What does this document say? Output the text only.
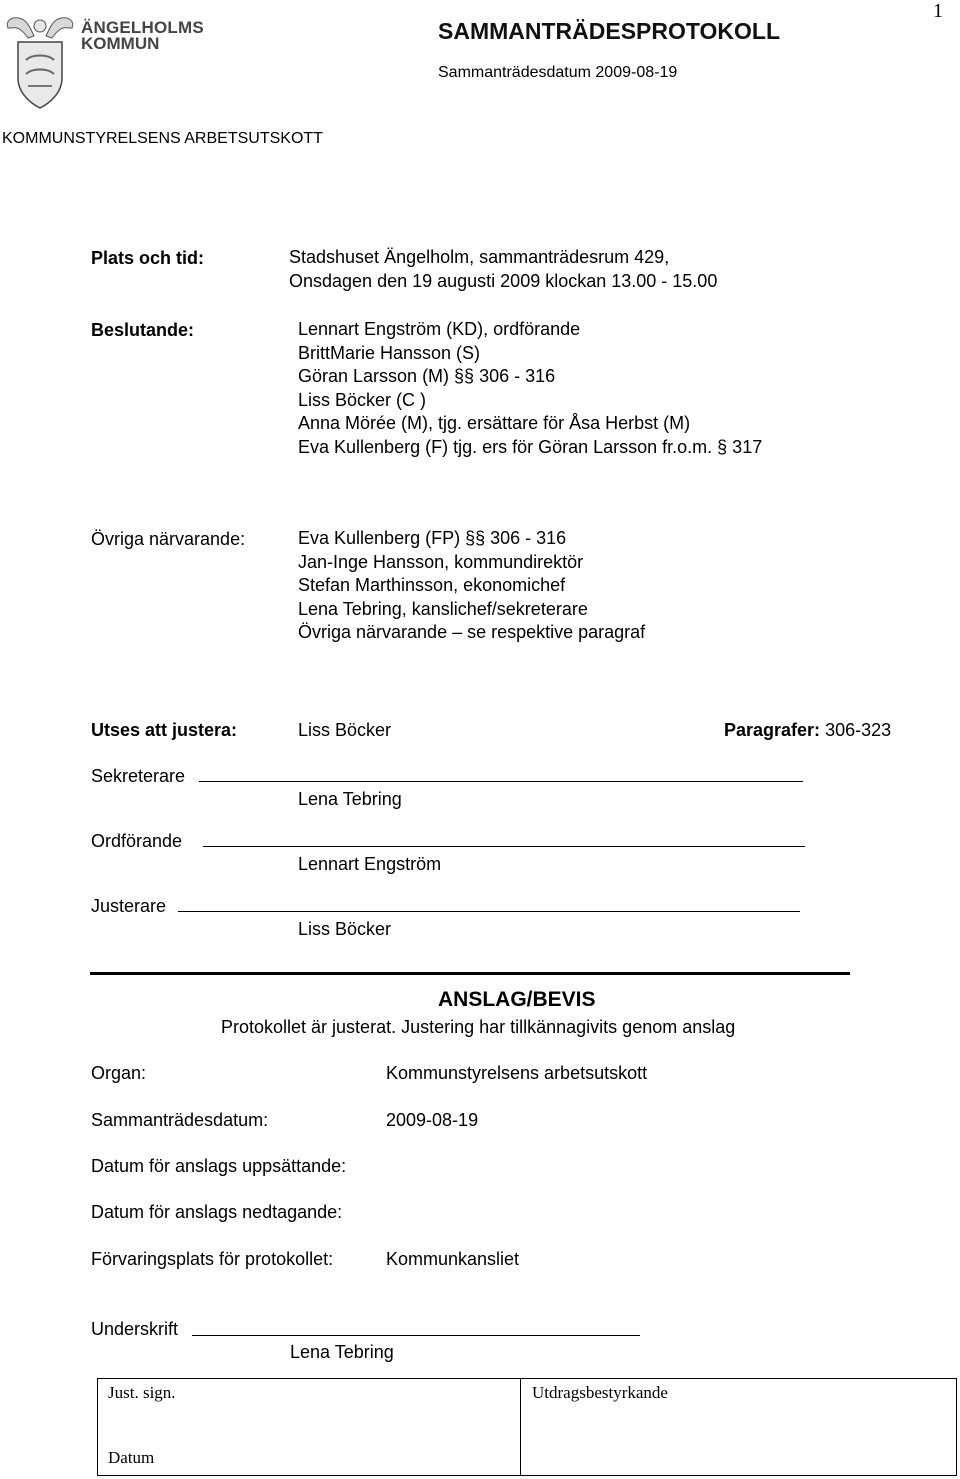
ÄNGELHOLMS
KOMMUN	SAMMANTRÄDESPROTOKOLL
Sammanträdesdatum 2009-08-19
1
KOMMUNSTYRELSENS ARBETSUTSKOTT
Plats och tid:	Stadshuset Ängelholm, sammanträdesrum 429,
Onsdagen den 19 augusti 2009 klockan 13.00 - 15.00
Beslutande:	Lennart Engström (KD), ordförande
BrittMarie Hansson (S)
Göran Larsson (M) §§ 306 - 316
Liss Böcker (C )
Anna Mörée (M), tjg. ersättare för Åsa Herbst (M)
Eva Kullenberg (F) tjg. ers för Göran Larsson fr.o.m. § 317
Övriga närvarande:	Eva Kullenberg (FP) §§ 306 - 316
Jan-Inge Hansson, kommundirektör
Stefan Marthinsson, ekonomichef
Lena Tebring, kanslichef/sekreterare
Övriga närvarande – se respektive paragraf
Utses att justera:	Liss Böcker	Paragrafer: 306-323
Sekreterare
Lena Tebring
Ordförande
Lennart Engström
Justerare
Liss Böcker
ANSLAG/BEVIS
Protokollet är justerat. Justering har tillkännagivits genom anslag
Organ:	Kommunstyrelsens arbetsutskott
Sammanträdesdatum:	2009-08-19
Datum för anslags uppsättande:
Datum för anslags nedtagande:
Förvaringsplats för protokollet:	Kommunkansliet
Underskrift
Lena Tebring
Just. sign.
Datum
Utdragsbestyrkande
